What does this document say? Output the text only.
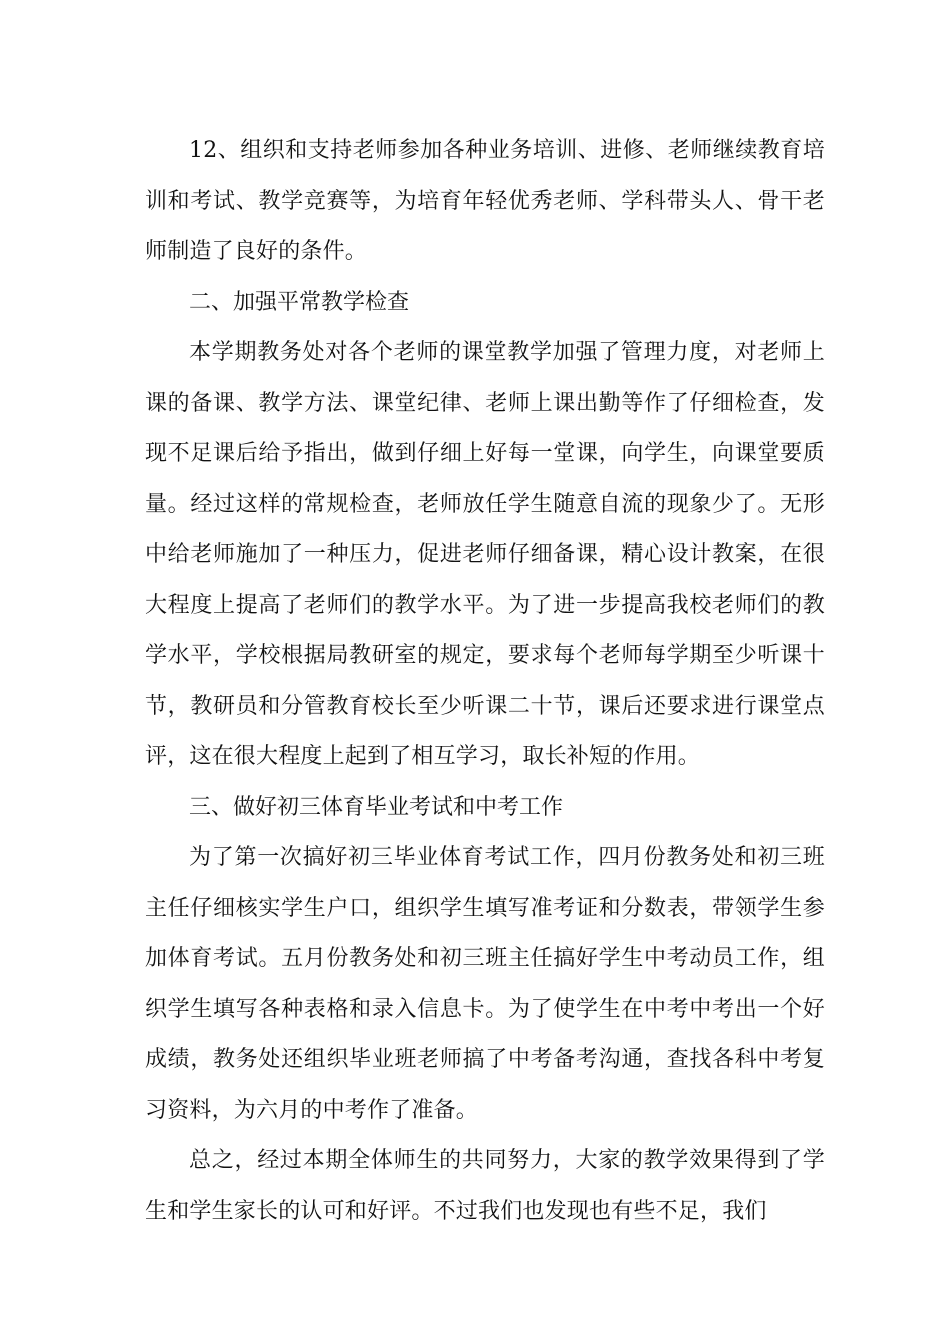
12、组织和支持老师参加各种业务培训、进修、老师继续教育培训和考试、教学竞赛等，为培育年轻优秀老师、学科带头人、骨干老师制造了良好的条件。

二、加强平常教学检查

本学期教务处对各个老师的课堂教学加强了管理力度，对老师上课的备课、教学方法、课堂纪律、老师上课出勤等作了仔细检查，发现不足课后给予指出，做到仔细上好每一堂课，向学生，向课堂要质量。经过这样的常规检查，老师放任学生随意自流的现象少了。无形中给老师施加了一种压力，促进老师仔细备课，精心设计教案，在很大程度上提高了老师们的教学水平。为了进一步提高我校老师们的教学水平，学校根据局教研室的规定，要求每个老师每学期至少听课十节，教研员和分管教育校长至少听课二十节，课后还要求进行课堂点评，这在很大程度上起到了相互学习，取长补短的作用。

三、做好初三体育毕业考试和中考工作

为了第一次搞好初三毕业体育考试工作，四月份教务处和初三班主任仔细核实学生户口，组织学生填写准考证和分数表，带领学生参加体育考试。五月份教务处和初三班主任搞好学生中考动员工作，组织学生填写各种表格和录入信息卡。为了使学生在中考中考出一个好成绩，教务处还组织毕业班老师搞了中考备考沟通，查找各科中考复习资料，为六月的中考作了准备。

总之，经过本期全体师生的共同努力，大家的教学效果得到了学生和学生家长的认可和好评。不过我们也发现也有些不足，我们
